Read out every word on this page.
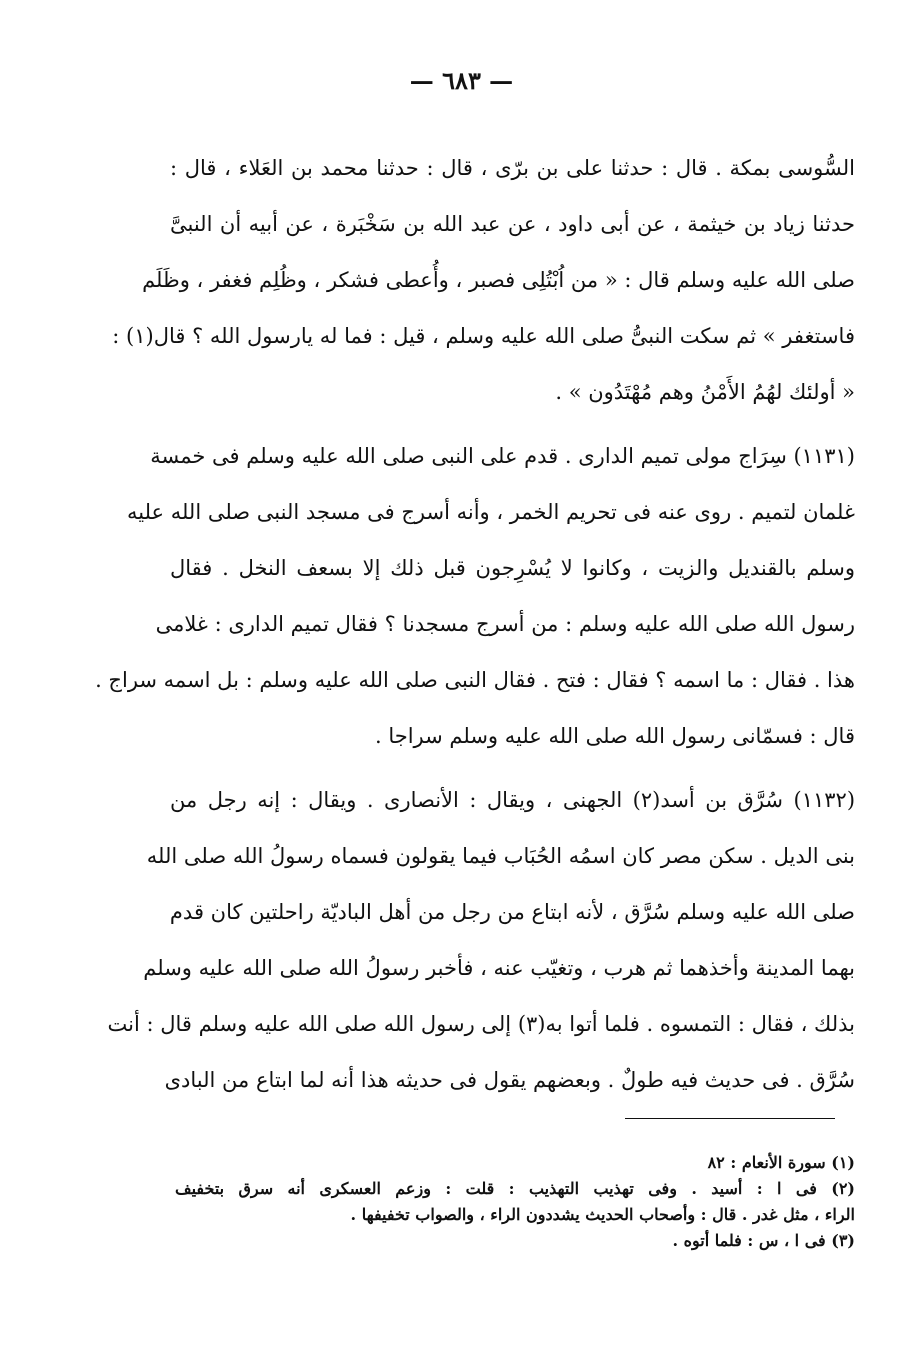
— ٦٨٣ —
السُّوسى بمكة . قال : حدثنا على بن برّى ، قال : حدثنا محمد بن العَلاء ، قال :
حدثنا زياد بن خيثمة ، عن أبى داود ، عن عبد الله بن سَخْبَرة ، عن أبيه أن النبىَّ
صلى الله عليه وسلم قال : « من اُبْتُلِى فصبر ، وأُعطى فشكر ، وظُلِم فغفر ، وظَلَم
فاستغفر » ثم سكت النبىُّ صلى الله عليه وسلم ، قيل : فما له يارسول الله ؟ قال(١) :
« أولئك لهُمُ الأَمْنُ وهم مُهْتَدُون » .
(١١٣١) سِرَاج مولى تميم الدارى . قدم على النبى صلى الله عليه وسلم فى خمسة
غلمان لتميم . روى عنه فى تحريم الخمر ، وأنه أسرج فى مسجد النبى صلى الله عليه
وسلم بالقنديل والزيت ، وكانوا لا يُسْرِجون قبل ذلك إلا بسعف النخل . فقال
رسول الله صلى الله عليه وسلم : من أسرج مسجدنا ؟ فقال تميم الدارى : غلامى
هذا . فقال : ما اسمه ؟ فقال : فتح . فقال النبى صلى الله عليه وسلم : بل اسمه سراج .
قال : فسمّانى رسول الله صلى الله عليه وسلم سراجا .
(١١٣٢) سُرَّق بن أسد(٢) الجهنى ، ويقال : الأنصارى . ويقال : إنه رجل من
بنى الديل . سكن مصر كان اسمُه الحُبَاب فيما يقولون فسماه رسولُ الله صلى الله
صلى الله عليه وسلم سُرَّق ، لأنه ابتاع من رجل من أهل الباديّة راحلتين كان قدم
بهما المدينة وأخذهما ثم هرب ، وتغيّب عنه ، فأخبر رسولُ الله صلى الله عليه وسلم
بذلك ، فقال : التمسوه . فلما أتوا به(٣) إلى رسول الله صلى الله عليه وسلم قال : أنت
سُرَّق . فى حديث فيه طولٌ . وبعضهم يقول فى حديثه هذا أنه لما ابتاع من البادى
(١) سورة الأنعام : ٨٢
(٢) فى ا : أسيد . وفى تهذيب التهذيب : قلت : وزعم العسكرى أنه سرق بتخفيف
الراء ، مثل غدر . قال : وأصحاب الحديث يشددون الراء ، والصواب تخفيفها .
(٣) فى ا ، س : فلما أتوه .
